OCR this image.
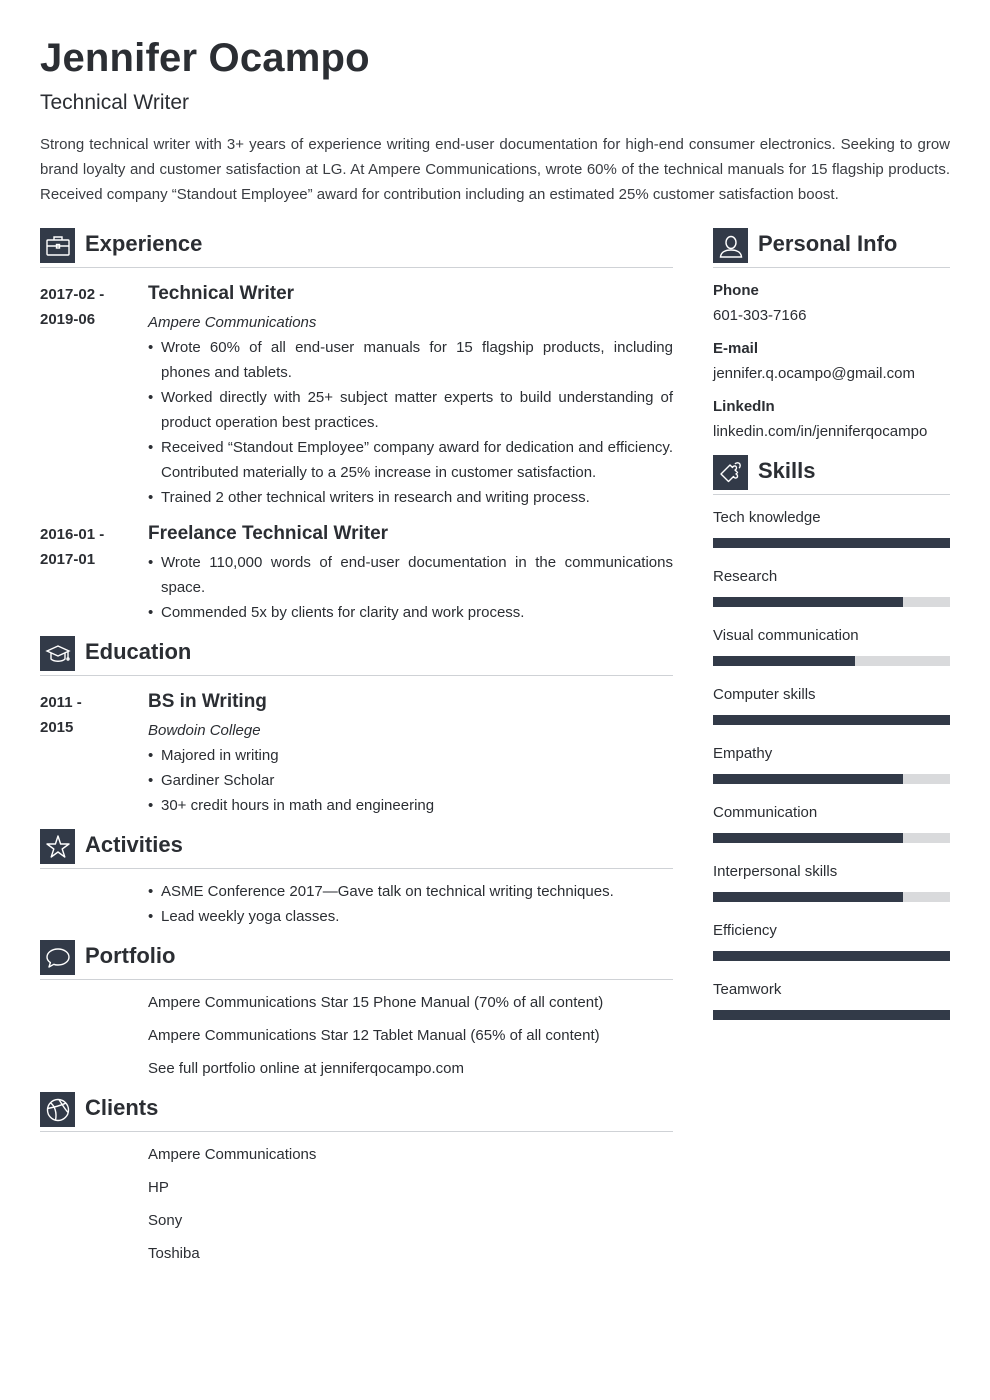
Jennifer Ocampo
Technical Writer

Strong technical writer with 3+ years of experience writing end-user documentation for high-end consumer electronics. Seeking to grow brand loyalty and customer satisfaction at LG. At Ampere Communications, wrote 60% of the technical manuals for 15 flagship products. Received company “Standout Employee” award for contribution including an estimated 25% customer satisfaction boost.

Experience
2017-02 -
2019-06
Technical Writer
Ampere Communications
• Wrote 60% of all end-user manuals for 15 flagship products, including phones and tablets.
• Worked directly with 25+ subject matter experts to build understanding of product operation best practices.
• Received “Standout Employee” company award for dedication and efficiency. Contributed materially to a 25% increase in customer satisfaction.
• Trained 2 other technical writers in research and writing process.
2016-01 -
2017-01
Freelance Technical Writer
• Wrote 110,000 words of end-user documentation in the communications space.
• Commended 5x by clients for clarity and work process.
Education
2011 -
2015
BS in Writing
Bowdoin College
• Majored in writing
• Gardiner Scholar
• 30+ credit hours in math and engineering
Activities
• ASME Conference 2017—Gave talk on technical writing techniques.
• Lead weekly yoga classes.
Portfolio
Ampere Communications Star 15 Phone Manual (70% of all content)
Ampere Communications Star 12 Tablet Manual (65% of all content)
See full portfolio online at jenniferqocampo.com
Clients
Ampere Communications
HP
Sony
Toshiba
Personal Info
Phone
601-303-7166
E-mail
jennifer.q.ocampo@gmail.com
LinkedIn
linkedin.com/in/jenniferqocampo
Skills
Tech knowledge
Research
Visual communication
Computer skills
Empathy
Communication
Interpersonal skills
Efficiency
Teamwork
